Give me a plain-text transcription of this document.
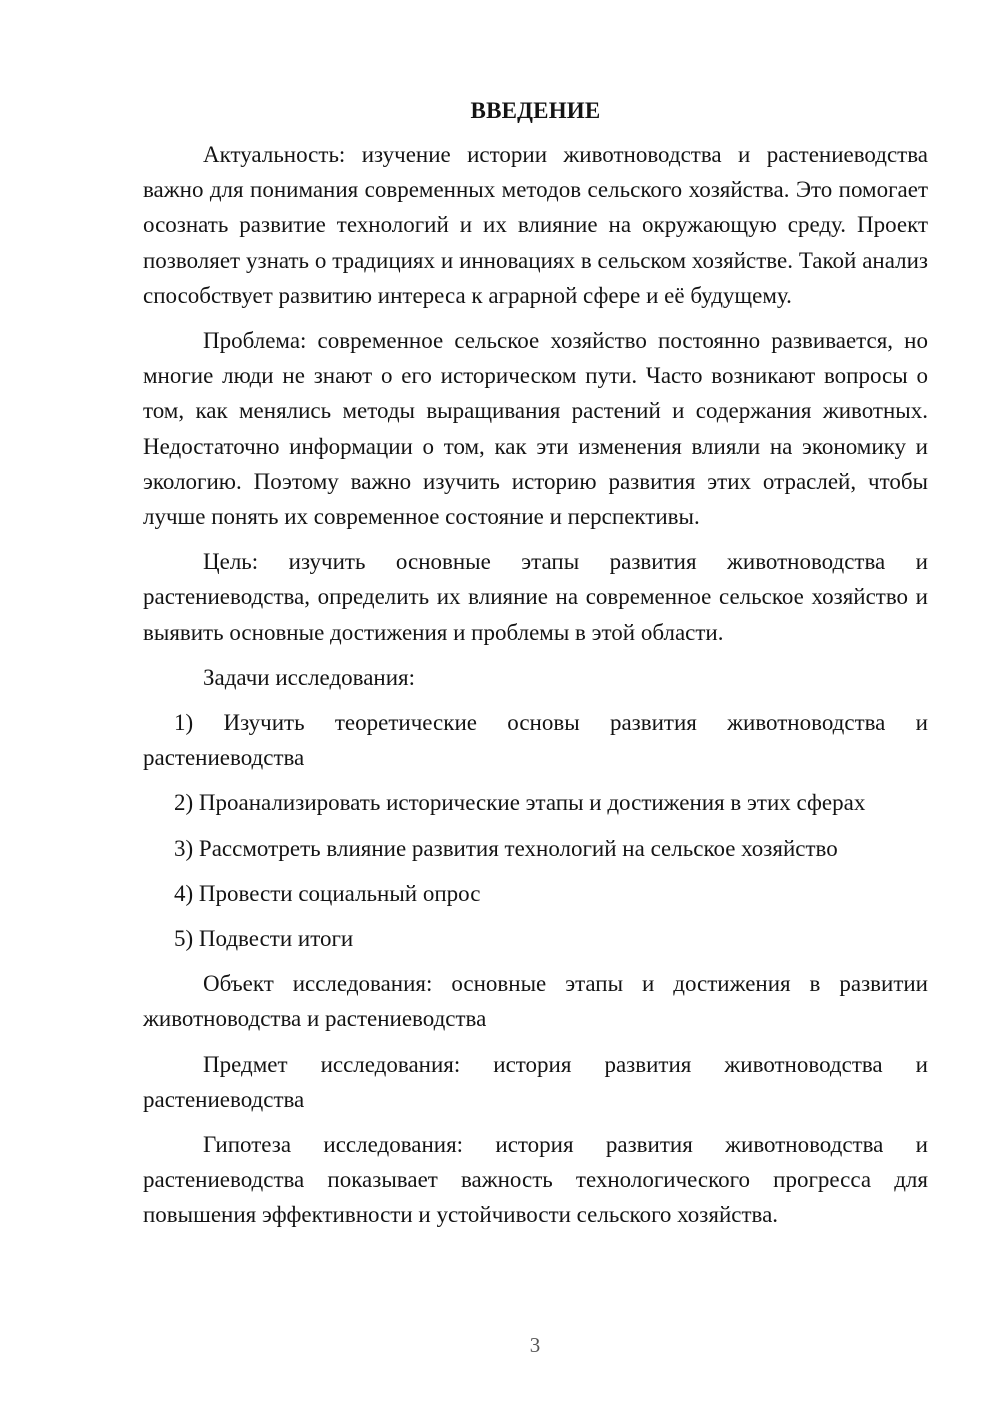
ВВЕДЕНИЕ

Актуальность: изучение истории животноводства и растениеводства важно для понимания современных методов сельского хозяйства. Это помогает осознать развитие технологий и их влияние на окружающую среду. Проект позволяет узнать о традициях и инновациях в сельском хозяйстве. Такой анализ способствует развитию интереса к аграрной сфере и её будущему.

Проблема: современное сельское хозяйство постоянно развивается, но многие люди не знают о его историческом пути. Часто возникают вопросы о том, как менялись методы выращивания растений и содержания животных. Недостаточно информации о том, как эти изменения влияли на экономику и экологию. Поэтому важно изучить историю развития этих отраслей, чтобы лучше понять их современное состояние и перспективы.

Цель: изучить основные этапы развития животноводства и растениеводства, определить их влияние на современное сельское хозяйство и выявить основные достижения и проблемы в этой области.

Задачи исследования:

1) Изучить теоретические основы развития животноводства и растениеводства

2) Проанализировать исторические этапы и достижения в этих сферах

3) Рассмотреть влияние развития технологий на сельское хозяйство

4) Провести социальный опрос

5) Подвести итоги

Объект исследования: основные этапы и достижения в развитии животноводства и растениеводства

Предмет исследования: история развития животноводства и растениеводства

Гипотеза исследования: история развития животноводства и растениеводства показывает важность технологического прогресса для повышения эффективности и устойчивости сельского хозяйства.

3
